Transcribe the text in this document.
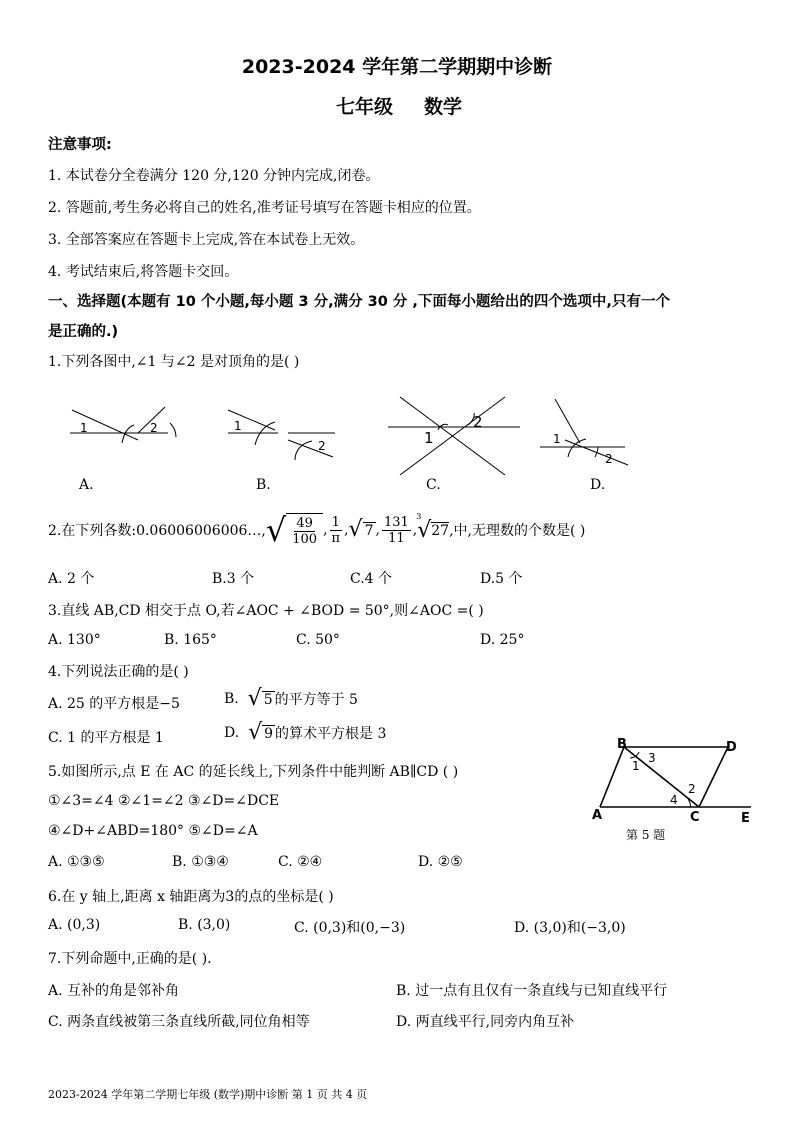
2023-2024 学年第二学期期中诊断
七年级 数学
注意事项:
1. 本试卷分全卷满分 120 分,120 分钟内完成,闭卷。
2. 答题前,考生务必将自己的姓名,准考证号填写在答题卡相应的位置。
3. 全部答案应在答题卡上完成,答在本试卷上无效。
4. 考试结束后,将答题卡交回。
一、选择题(本题有 10 个小题,每小题 3 分,满分 30 分 ,下面每小题给出的四个选项中,只有一个
是正确的.)
1.下列各图中,∠1 与∠2 是对顶角的是( )
1	2	1
2	1
2
1
2
A.	B.	C.	D.
2.在下列各数:0.06006006006…, √ $\frac{49}{100}$ , $\frac{1}{\pi}$ , √ 7 , $\frac{131}{11}$ ,
3
√ 27 ,中,无理数的个数是( )
A. 2 个	B.3 个	C.4 个	D.5 个
3.直线 AB,CD 相交于点 O,若∠AOC + ∠BOD = 50°,则∠AOC =( )
A. 130°	B. 165°	C. 50°	D. 25°
4.下列说法正确的是( )
A. 25 的平方根是−5	B.
√ 5 的平方等于 5
C. 1 的平方根是 1	D.
√ 9 的算术平方根是 3
5.如图所示,点 E 在 AC 的延长线上,下列条件中能判断 AB∥CD ( )
①∠3=∠4 ②∠1=∠2 ③∠D=∠DCE
④∠D+∠ABD=180° ⑤∠D=∠A
A. ①③⑤	B. ①③④	C. ②④	D. ②⑤
B	D
A	C	E
1
3
4
2
第 5 题
6.在 y 轴上,距离 x 轴距离为3的点的坐标是( )
A. (0,3)	B. (3,0)	C. (0,3)和(0,−3)	D. (3,0)和(−3,0)
7.下列命题中,正确的是( ).
A. 互补的角是邻补角	B. 过一点有且仅有一条直线与已知直线平行
C. 两条直线被第三条直线所截,同位角相等	D. 两直线平行,同旁内角互补
2023-2024 学年第二学期七年级 (数学)期中诊断 第 1 页 共 4 页
